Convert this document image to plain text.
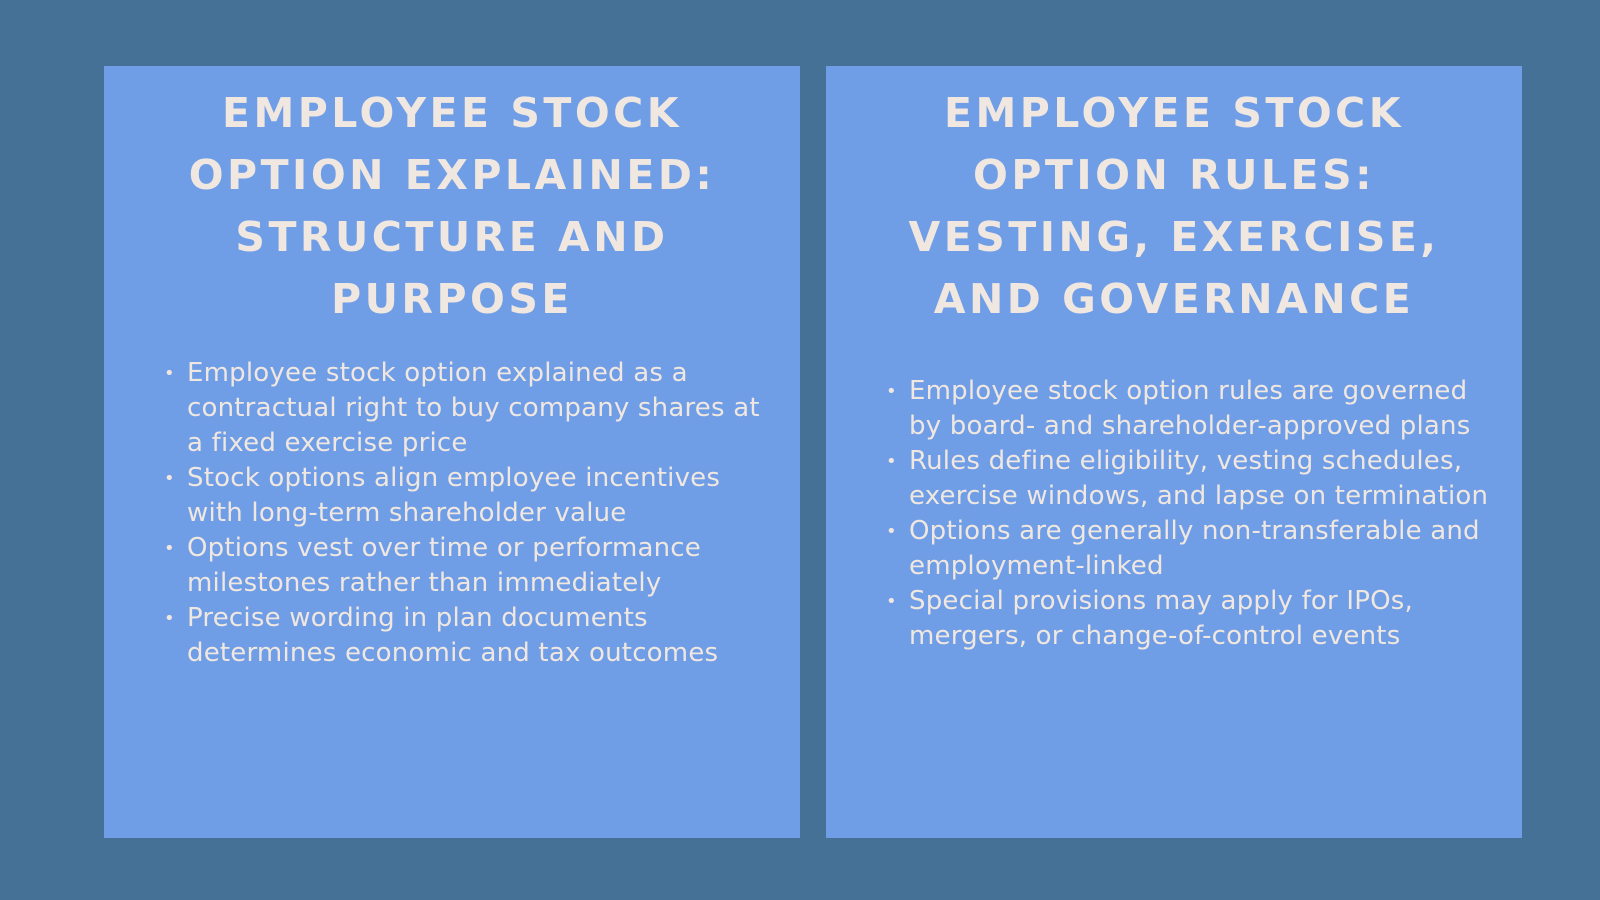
EMPLOYEE STOCK OPTION EXPLAINED: STRUCTURE AND PURPOSE
• Employee stock option explained as a contractual right to buy company shares at a fixed exercise price
• Stock options align employee incentives with long-term shareholder value
• Options vest over time or performance milestones rather than immediately
• Precise wording in plan documents determines economic and tax outcomes
EMPLOYEE STOCK OPTION RULES: VESTING, EXERCISE, AND GOVERNANCE
• Employee stock option rules are governed by board- and shareholder-approved plans
• Rules define eligibility, vesting schedules, exercise windows, and lapse on termination
• Options are generally non-transferable and employment-linked
• Special provisions may apply for IPOs, mergers, or change-of-control events
